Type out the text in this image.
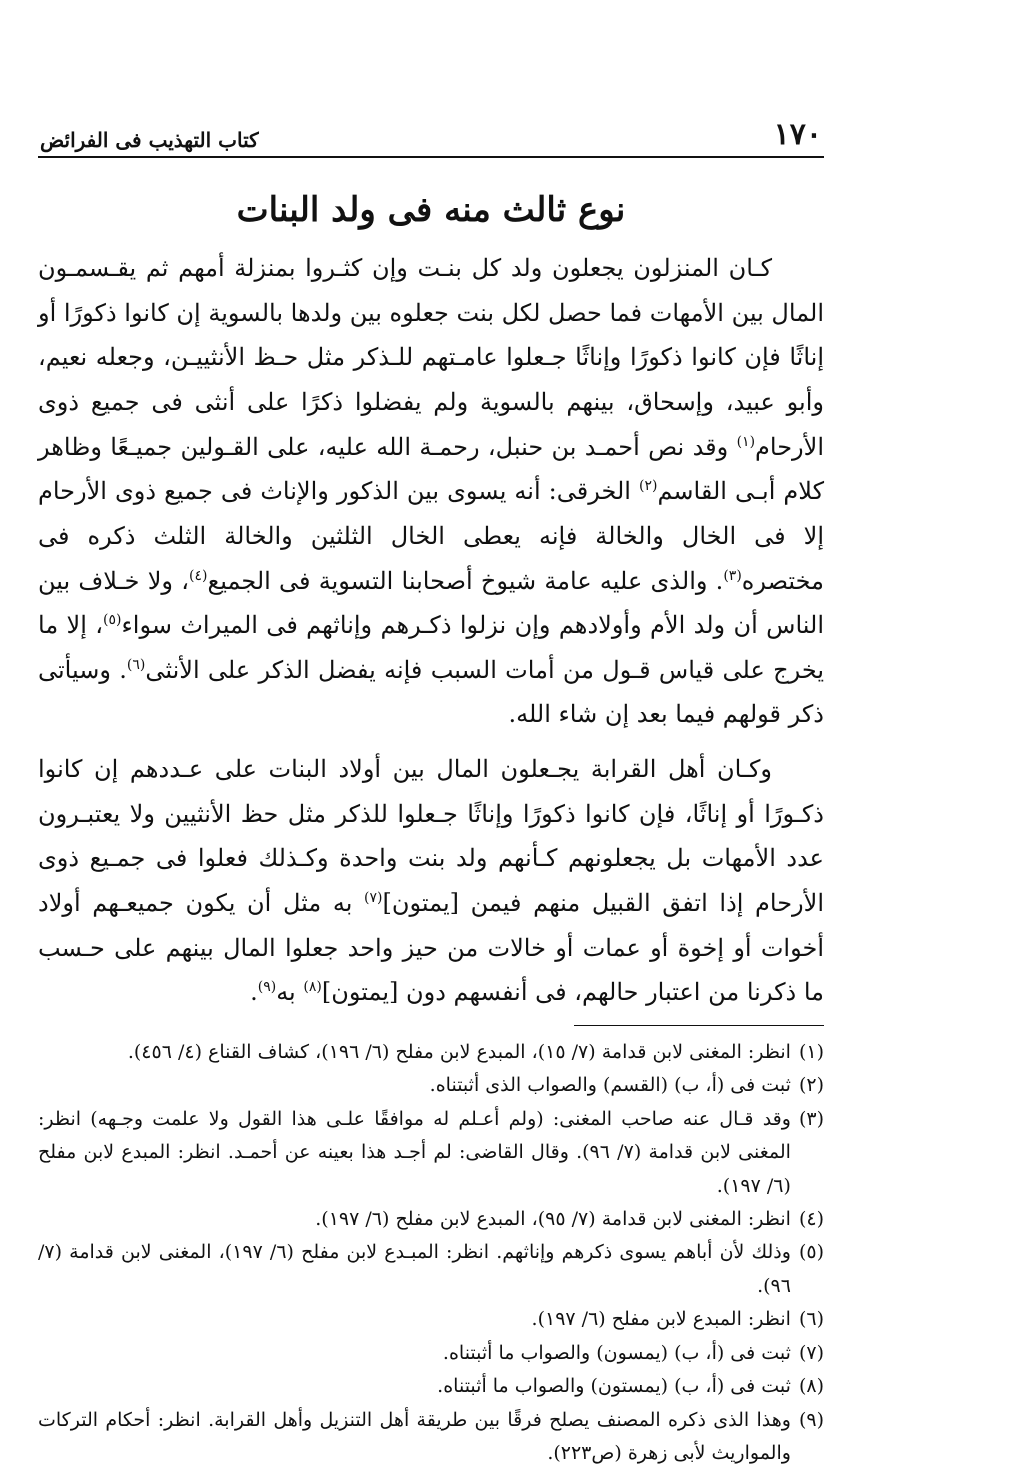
١٧٠
كتاب التهذيب فى الفرائض
نوع ثالث منه فى ولد البنات

كـان المنزلون يجعلون ولد كل بنـت وإن كثـروا بمنزلة أمهم ثم يقـسمـون المال بين الأمهات فما حصل لكل بنت جعلوه بين ولدها بالسوية إن كانوا ذكورًا أو إناثًا فإن كانوا ذكورًا وإناثًا جـعلوا عامـتهم للـذكر مثل حـظ الأنثييـن، وجعله نعيم، وأبو عبيد، وإسحاق، بينهم بالسوية ولم يفضلوا ذكرًا على أنثى فى جميع ذوى الأرحام$^{(١)}$ وقد نص أحمـد بن حنبل، رحمـة الله عليه، على القـولين جميـعًا وظاهر كلام أبـى القاسم$^{(٢)}$ الخرقى: أنه يسوى بين الذكور والإناث فى جميع ذوى الأرحام إلا فى الخال والخالة فإنه يعطى الخال الثلثين والخالة الثلث ذكره فى مختصره$^{(٣)}$. والذى عليه عامة شيوخ أصحابنا التسوية فى الجميع$^{(٤)}$، ولا خـلاف بين الناس أن ولد الأم وأولادهم وإن نزلوا ذكـرهم وإناثهم فى الميراث سواء$^{(٥)}$، إلا ما يخرج على قياس قـول من أمات السبب فإنه يفضل الذكر على الأنثى$^{(٦)}$. وسيأتى ذكر قولهم فيما بعد إن شاء الله.

وكـان أهل القرابة يجـعلون المال بين أولاد البنات على عـددهم إن كانوا ذكـورًا أو إناثًا، فإن كانوا ذكورًا وإناثًا جـعلوا للذكر مثل حظ الأنثيين ولا يعتبـرون عدد الأمهات بل يجعلونهم كـأنهم ولد بنت واحدة وكـذلك فعلوا فى جمـيع ذوى الأرحام إذا اتفق القبيل منهم فيمن [يمتون]$^{(٧)}$ به مثل أن يكون جميعـهم أولاد أخوات أو إخوة أو عمات أو خالات من حيز واحد جعلوا المال بينهم على حـسب ما ذكرنا من اعتبار حالهم، فى أنفسهم دون [يمتون]$^{(٨)}$ به$^{(٩)}$.

(١)
انظر: المغنى لابن قدامة (٧/ ١٥)، المبدع لابن مفلح (٦/ ١٩٦)، كشاف القناع (٤/ ٤٥٦).
(٢)
ثبت فى (أ، ب) (القسم) والصواب الذى أثبتناه.
(٣)
وقد قـال عنه صاحب المغنى: (ولم أعـلم له موافقًا علـى هذا القول ولا علمت وجـهه) انظر: المغنى لابن قدامة (٧/ ٩٦). وقال القاضى: لم أجـد هذا بعينه عن أحمـد. انظر: المبدع لابن مفلح (٦/ ١٩٧).
(٤)
انظر: المغنى لابن قدامة (٧/ ٩٥)، المبدع لابن مفلح (٦/ ١٩٧).
(٥)
وذلك لأن أباهم يسوى ذكرهم وإناثهم. انظر: المبـدع لابن مفلح (٦/ ١٩٧)، المغنى لابن قدامة (٧/ ٩٦).
(٦)
انظر: المبدع لابن مفلح (٦/ ١٩٧).
(٧)
ثبت فى (أ، ب) (يمسون) والصواب ما أثبتناه.
(٨)
ثبت فى (أ، ب) (يمستون) والصواب ما أثبتناه.
(٩)
وهذا الذى ذكره المصنف يصلح فرقًا بين طريقة أهل التنزيل وأهل القرابة. انظر: أحكام التركات والمواريث لأبى زهرة (ص٢٢٣).
